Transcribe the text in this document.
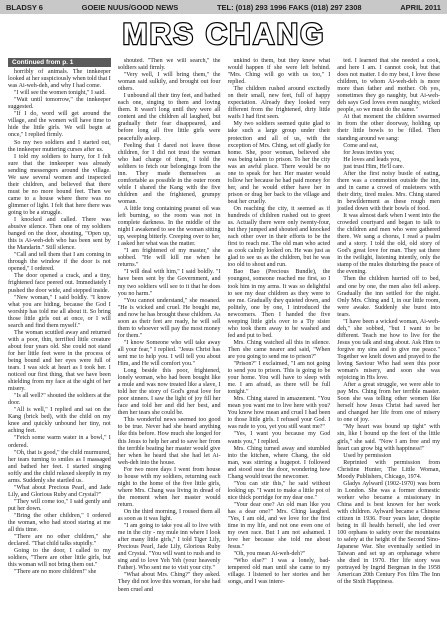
BLADSY 6	GOEIE NUUS/GOOD NEWS	TEL: (018) 293 1996 FAKS (018) 297 2308	APRIL 2011
MRS CHANG
Continued from p. 1

horribly of animals. The innkeeper looked at her suspiciously when told that I was Ai-weh-deh, and why I had come.

"I will see the women tonight," I said.

"Wait until tomorrow," the innkeeper suggested.

"If I do, word will get around the village, and the women will have time to hide the little girls. We will begin at once," I replied firmly.

So my two soldiers and I started out, the innkeeper muttering curses after us.

I told my soldiers to hurry, for I felt sure that the innkeeper was already sending messengers around the village. We saw several women and inspected their children, and believed that there must be no more bound feet. Then we came to a house where there was no glimmer of light. I felt that here there was going to be a struggle.

I knocked and called. There was abusive silence. Then one of my soldiers banged on the door, shouting, "Open up, this is Ai-weh-deh who has been sent by the Mandarin." Still silence.

"Call and tell them that I am coming in through the window if the door is not opened," I ordered.

The door opened a crack, and a tiny, frightened face peered out. Immediately I pushed the door wide, and stepped inside.

"New woman," I said boldly. "I know what you are hiding, because the God I worship has told me all about it. So bring those little girls out at once, or I will search and find them myself."

The woman scuttled away and returned with a poor, thin, terrified little creature about four years old. She could not stand for her little feet were in the process of being bound and her eyes were full of tears. I was sick at heart as I took her. I noticed our first thing, that we have been shielding from my face at the sight of her misery.

"Is all well?" shouted the soldiers at the door.

"All is well," I replied and sat on the Kang (brick bed), with the child on my knee and quickly unbound her tiny, not aching feet.

"Fetch some warm water in a bowl," I ordered.

"Oh, that is good," the child murmured, her tears turning to smiles as I massaged and bathed her feet. I started singing softly and the child relaxed sleepily in my arms. Suddenly she startled us.

"What about Precious Pearl, and Jade Lily, and Glorious Ruby and Crystal?"

"They will come too," I said gently and put her down.

"Bring the other children," I ordered the woman, who had stood staring at me all this time.

"There are no other children," she declared. "That child talks stupidly."

Going to the door, I called to my soldiers, "There are other little girls, but this woman will not bring them out."

"There are no more children!" she

shouted. "Then we will search," the soldiers said firmly.

"Very well, I will bring them," the woman said sulkily, and brought out four others.

I unbound all their tiny feet, and bathed each one, singing to them and loving them. It wasn't long until they were all content and the children all laughed, but gradually their fear disappeared, and before long all five little girls were peacefully asleep.

Feeling that I dared not leave those children, for I did not trust the woman who had charge of them, I told the soldiers to fetch our belongings from the inn. They made themselves as comfortable as possible in the outer room while I shared the Kang with the five children and the frightened, grumpy woman.

A little tong containing peanut oil was left burning, so the room was not in complete darkness. In the middle of the night I awakened to see the woman sitting up, weeping bitterly. Creeping over to her, I asked her what was the matter.

"I am frightened of my master," she sobbed. "He will kill me when he returns."

"I will deal with him," I said boldly. "I have been sent by the Government, and my two soldiers will see to it that he does you no harm."

"You cannot understand," she moaned. "He is wicked and cruel. He bought me, and now he has brought these children. As soon as their feet are ready, he will sell them to whoever will pay the most money for them."

"I know Someone who will take away all your fear," I replied. "Jesus Christ has sent me to help you. I will tell you about Him, and He will comfort you."

Long beside this poor, frightened, lonely woman, who had been bought like a mule and was now treated like a slave, I told her the story of God's great love for poor sinners. I saw the light of joy fill her face and told her and did her best, and then her tears she could be.

This wonderful news seemed too good to be true. Never had she heard anything like this before. How much she longed for this Jesus to help her and to save her from the terrible beating her master would give her when he heard that she had let Ai-weh-deh into the house.

For two more days I went from house to house with my soldiers, returning each night to the home of the five little girls, where Mrs. Chang was living in dread of the moment when her master would return.

On the third morning, I roused them all as soon as it was light.

"I am going to take you all to live with me in the city - my mule inn where I look after many little girls," I told Tiger Lily, Precious Pearl, Jade Lily, Glorious Ruby and Crystal. "You will want to rush and to sing and to love Yeh Yeh (your heavenly Father). Who sent me to visit your city."

"What about Mrs. Ching?" they asked. They did not love this woman, for she had been cruel and

unkind to them, but they knew what would happen if she were left behind. "Mrs. Ching will go with us too," I replied.

The children rushed around excitedly on their small, new feet, full of happy expectation. Already they looked very different from the frightened, dirty little waifs I had first seen.

My two soldiers seemed quite glad to take such a large group under their protection and all of us, with the exception of Mrs. Ching, set off gladly for home. She, poor woman, believed she was being taken to prison. To her the city was an awful place. There would be no one to speak for her. Her master would follow her because he had paid money for her, and he would either have her in prison or drag her back to the village and beat her cruelly.

On reaching the city, it seemed as if hundreds of children rushed out to greet us. Actually there were only twenty-four, but they jumped and shouted and knocked each other over in their efforts to be the first to reach me. The old man who acted as cook calmly looked on. He was just as glad to see us as the children, but he was too old to shout and run.

Bao Bao (Precious Bundle), the youngest, someone reached me first, so I took him in my arms. It was so delightful to see my dear children as they were to see me. Gradually they quieted down, and politely, one by one, I introduced the newcomers. Then I handed the five weeping little girls over to a Tiy sister who took them away to be washed and fed and put to bed.

Mrs. Ching watched all this in silence. Then she came nearer and said, "When are you going to send me to prison?"

"Prison?" I exclaimed, "I am not going to send you to prison. This is going to be your home. You will have to sleep with me. I am afraid, as there will be full tonight."

Mrs. Ching stared in amazement. "You mean you want me to live here with you? You know how mean and cruel I had been to those little girls. I refused your God. I was rude to you, yet you still want me?"

"Yes, I want you because my God wants you," I replied.

Mrs. Ching turned away and stumbled into the kitchen, where Chang, the old man, was stirring a hugepot. I followed and stood near the door, wondering how Chang would treat the newcomer.

"You can stir this," he said without looking up. "I want to make a little pot of nice thick porridge for my dear one."

"Your dear one? An old man like you has a dear one?" Mrs. Ching laughed. "Yes, I am old, and we love for the first time in my life, and not one even one of my own race. But I am not ashamed. I love her because she told me about Jesus."

"Oh, you mean Ai-weh-deh?"

"Who else?" I was a lonely, bad-tempered old man until she came to my village. I listened to her stories and her songs, and I was intere-

ted. I learned that she needed a cook, and here I am. I cannot cook, but that does not matter. I do my best, I love these children, to whom Ai-weh-deh is more more than father and mother. Oh yes, sometimes they go naughty, but Ai-weh-deh says God loves even naughty, wicked people, so we must do the same."

At that moment the children swarmed in from the other doorway, holding up their little bowls to be filled. Then standing around we sang:

Come and eat,

for Jesus invites you;

He loves and leads you,

just trust Him, He'll care.

After the first noisy bustle of eating, there was a commotion outside the inn, and in came a crowd of muleteers with their dirty, tired mules. Mrs. Ching stared in bewilderment as these rough men jostled down with their bowls of food.

It was almost dark when I went into the crowded courtyard and began to talk to the children and men who were gathered there. We sang a chorus, I read a psalm and a story. I told the old, old story of God's great love for man. They sat there in the twilight, listening intently, only the stamp of the mules disturbing the peace of the evening.

Then the children hurried off to bed, and one by one, the men also fell asleep. Gradually the inn settled for the night. Only Mrs. Ching and I, in our little room, were awake. Suddenly she burst into tears.

"I have been a wicked woman, Ai-weh-deh," she sobbed, "but I want to be different. Teach me how to live for the Jesus you talk and sing about. Ask Him to forgive my sins and to give me peace." Together we knelt down and prayed to the loving Saviour Who had seen this poor woman's misery, and soon she was rejoicing in His love.

After a great struggle, we were able to pay Mrs. Ching from her terrible master. Soon she was telling other women like herself how Jesus Christ had saved her and changed her life from one of misery to one of joy.

"My heart was bound up tight" with sin, like I bound up the feet of the little girls," she said. "Now I am free and my heart can grow big with happiness!"

Used by permission

Reprinted with permission from Christine Hunter, The Little Woman, Moody Publishers, Chicago, 1974.

Gladys Aylward (1902-1970) was born in London. She was a former domestic worker who became a missionary in China and is best known for her work with children. Aylward became a Chinese citizen in 1936. Four years later, despite being in ill health herself, she led over 100 orphans to safety over the mountains to safety at the height of the Second Sino-Japanese War. She eventually settled in Taiwan and set up an orphanage where she died in 1970. Her life story was portrayed by Ingrid Bergman in the 1958 American 20th Century Fox film The Inn of the Sixth Happiness.
